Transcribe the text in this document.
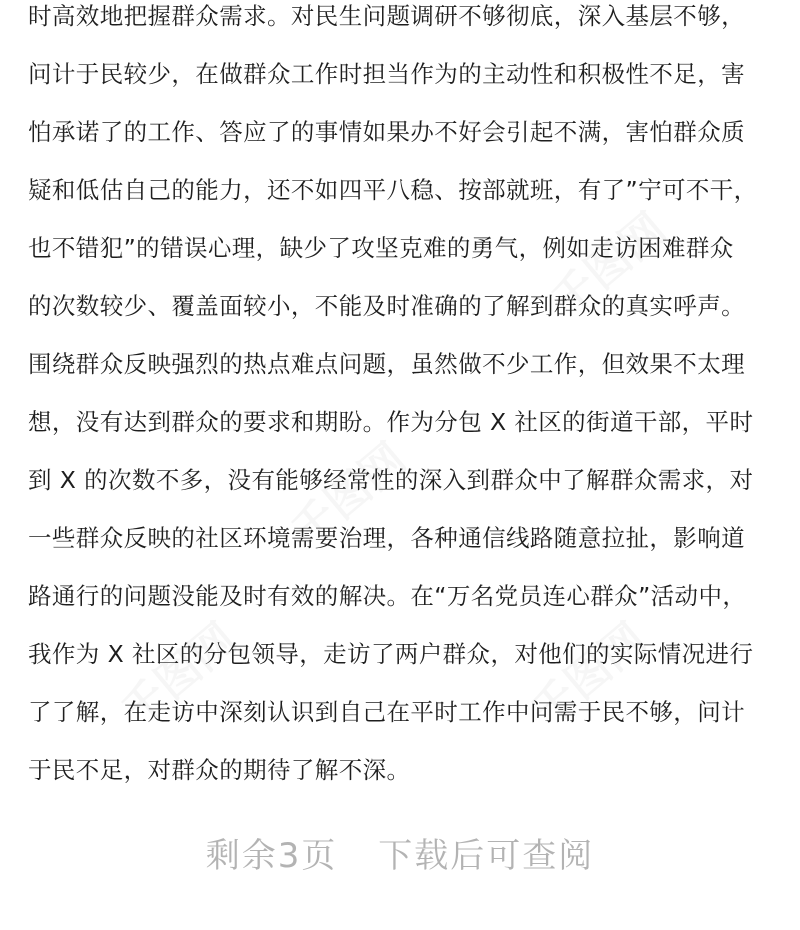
时高效地把握群众需求。对民生问题调研不够彻底，深入基层不够，
问计于民较少，在做群众工作时担当作为的主动性和积极性不足，害
怕承诺了的工作、答应了的事情如果办不好会引起不满，害怕群众质
疑和低估自己的能力，还不如四平八稳、按部就班，有了”宁可不干，
也不错犯”的错误心理，缺少了攻坚克难的勇气，例如走访困难群众
的次数较少、覆盖面较小，不能及时准确的了解到群众的真实呼声。
围绕群众反映强烈的热点难点问题，虽然做不少工作，但效果不太理
想，没有达到群众的要求和期盼。作为分包 X 社区的街道干部，平时
到 X 的次数不多，没有能够经常性的深入到群众中了解群众需求，对
一些群众反映的社区环境需要治理，各种通信线路随意拉扯，影响道
路通行的问题没能及时有效的解决。在“万名党员连心群众”活动中，
我作为 X 社区的分包领导，走访了两户群众，对他们的实际情况进行
了了解，在走访中深刻认识到自己在平时工作中问需于民不够，问计
于民不足，对群众的期待了解不深。
剩余3页 下载后可查阅
